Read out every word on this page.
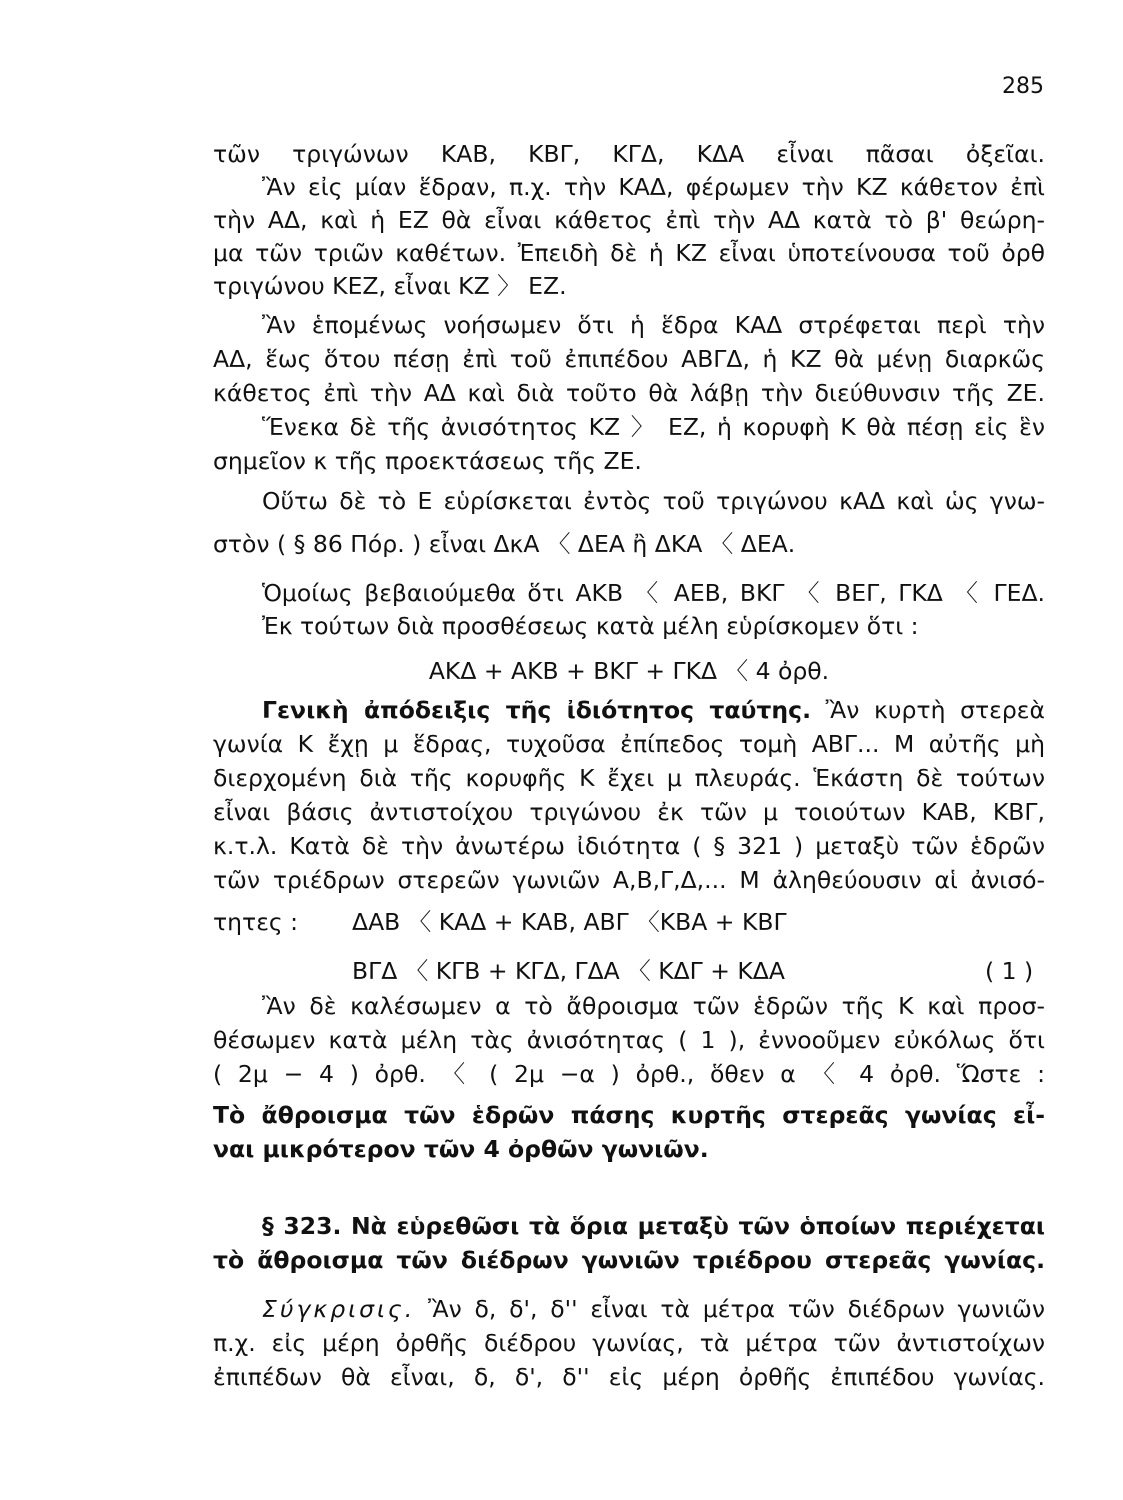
285
τῶν τριγώνων ΚΑΒ, ΚΒΓ, ΚΓΔ, ΚΔΑ εἶναι πᾶσαι ὀξεῖαι.
Ἂν εἰς μίαν ἕδραν, π.χ. τὴν ΚΑΔ, φέρωμεν τὴν ΚΖ κάθετον ἐπὶ
τὴν ΑΔ, καὶ ἡ ΕΖ θὰ εἶναι κάθετος ἐπὶ τὴν ΑΔ κατὰ τὸ β' θεώρη-
μα τῶν τριῶν καθέτων. Ἐπειδὴ δὲ ἡ ΚΖ εἶναι ὑποτείνουσα τοῦ ὀρθ
τριγώνου ΚΕΖ, εἶναι ΚΖ 〉 ΕΖ.
Ἂν ἑπομένως νοήσωμεν ὅτι ἡ ἕδρα ΚΑΔ στρέφεται περὶ τὴν
ΑΔ, ἕως ὅτου πέσῃ ἐπὶ τοῦ ἐπιπέδου ΑΒΓΔ, ἡ ΚΖ θὰ μένῃ διαρκῶς
κάθετος ἐπὶ τὴν ΑΔ καὶ διὰ τοῦτο θὰ λάβῃ τὴν διεύθυνσιν τῆς ΖΕ.
Ἕνεκα δὲ τῆς ἀνισότητος ΚΖ 〉 ΕΖ, ἡ κορυφὴ Κ θὰ πέσῃ εἰς ἓν
σημεῖον κ τῆς προεκτάσεως τῆς ΖΕ.
Οὕτω δὲ τὸ Ε εὑρίσκεται ἐντὸς τοῦ τριγώνου κΑΔ καὶ ὡς γνω-
στὸν ( § 86 Πόρ. ) εἶναι ΔκΑ 〈 ΔΕΑ ἢ ΔΚΑ 〈 ΔΕΑ.
Ὁμοίως βεβαιούμεθα ὅτι ΑΚΒ 〈 ΑΕΒ, ΒΚΓ 〈 ΒΕΓ, ΓΚΔ 〈 ΓΕΔ.
Ἐκ τούτων διὰ προσθέσεως κατὰ μέλη εὑρίσκομεν ὅτι :
ΑΚΔ + ΑΚΒ + ΒΚΓ + ΓΚΔ 〈 4 ὀρθ.
Γενικὴ ἀπόδειξις τῆς ἰδιότητος ταύτης. Ἂν κυρτὴ στερεὰ
γωνία Κ ἔχῃ μ ἕδρας, τυχοῦσα ἐπίπεδος τομὴ ΑΒΓ... Μ αὐτῆς μὴ
διερχομένη διὰ τῆς κορυφῆς Κ ἔχει μ πλευράς. Ἑκάστη δὲ τούτων
εἶναι βάσις ἀντιστοίχου τριγώνου ἐκ τῶν μ τοιούτων ΚΑΒ, ΚΒΓ,
κ.τ.λ. Κατὰ δὲ τὴν ἀνωτέρω ἰδιότητα ( § 321 ) μεταξὺ τῶν ἑδρῶν
τῶν τριέδρων στερεῶν γωνιῶν Α,Β,Γ,Δ,... Μ ἀληθεύουσιν αἱ ἀνισό-
τητες : ΔΑΒ 〈 ΚΑΔ + ΚΑΒ, ΑΒΓ 〈ΚΒΑ + ΚΒΓ
ΒΓΔ 〈 ΚΓΒ + ΚΓΔ, ΓΔΑ 〈 ΚΔΓ + ΚΔΑ	( 1 )
Ἂν δὲ καλέσωμεν α τὸ ἄθροισμα τῶν ἑδρῶν τῆς Κ καὶ προσ-
θέσωμεν κατὰ μέλη τὰς ἀνισότητας ( 1 ), ἐννοοῦμεν εὐκόλως ὅτι
( 2μ − 4 ) ὀρθ. 〈 ( 2μ −α ) ὀρθ., ὅθεν α 〈 4 ὀρθ. Ὥστε :
Τὸ ἄθροισμα τῶν ἑδρῶν πάσης κυρτῆς στερεᾶς γωνίας εἶ-
ναι μικρότερον τῶν 4 ὀρθῶν γωνιῶν.
§ 323. Νὰ εὑρεθῶσι τὰ ὅρια μεταξὺ τῶν ὁποίων περιέχεται
τὸ ἄθροισμα τῶν διέδρων γωνιῶν τριέδρου στερεᾶς γωνίας.
Σύγκρισις. Ἂν δ, δ', δ'' εἶναι τὰ μέτρα τῶν διέδρων γωνιῶν
π.χ. εἰς μέρη ὀρθῆς διέδρου γωνίας, τὰ μέτρα τῶν ἀντιστοίχων
ἐπιπέδων θὰ εἶναι, δ, δ', δ'' εἰς μέρη ὀρθῆς ἐπιπέδου γωνίας.
